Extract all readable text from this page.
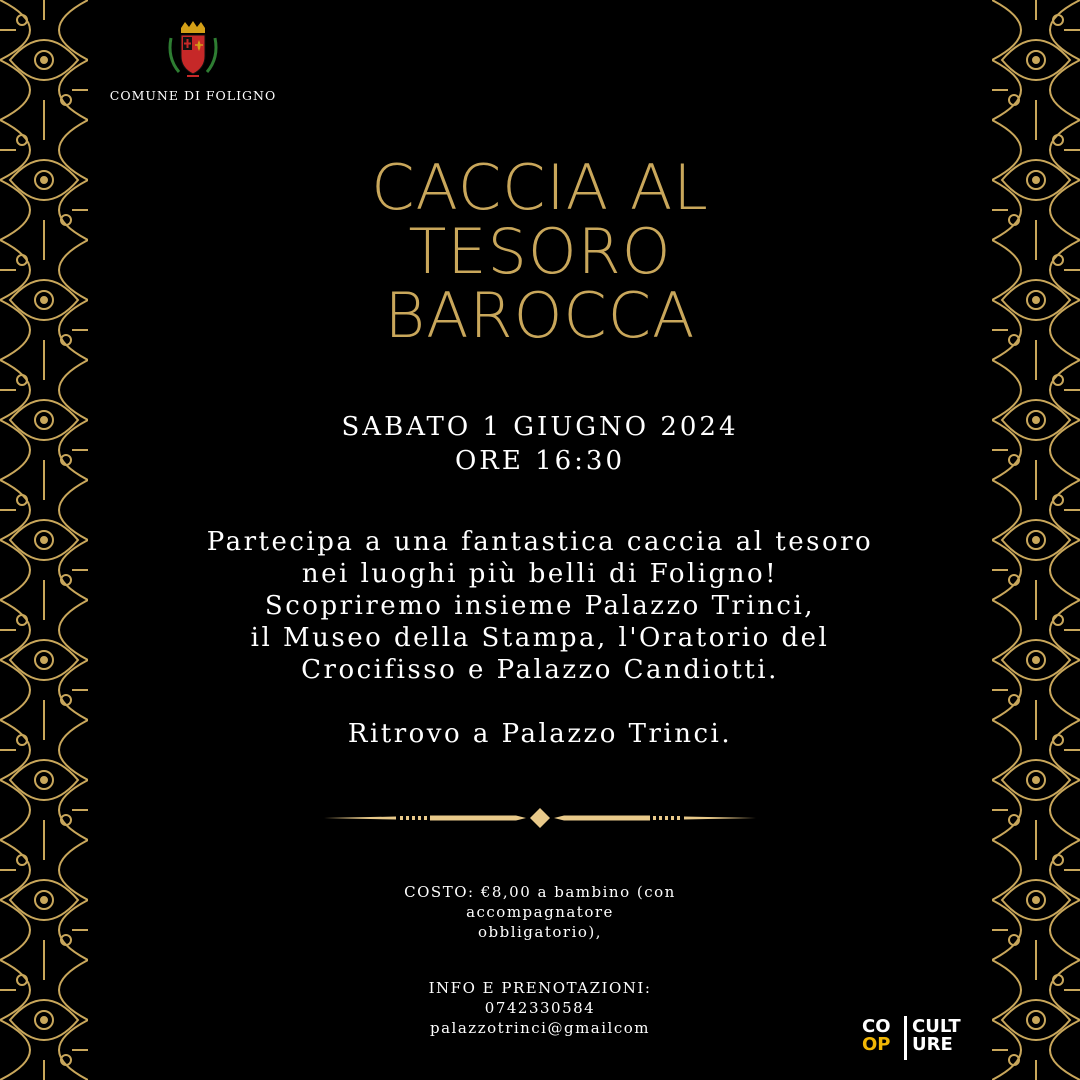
COMUNE DI FOLIGNO
CACCIA AL
TESORO
BAROCCA
SABATO 1 GIUGNO 2024
ORE 16:30
Partecipa a una fantastica caccia al tesoro
nei luoghi più belli di Foligno!
Scopriremo insieme Palazzo Trinci,
il Museo della Stampa, l'Oratorio del
Crocifisso e Palazzo Candiotti.
Ritrovo a Palazzo Trinci.
COSTO: €8,00 a bambino (con
accompagnatore
obbligatorio),
INFO E PRENOTAZIONI:
0742330584
palazzotrinci@gmailcom	CO
OP
CULT
URE
